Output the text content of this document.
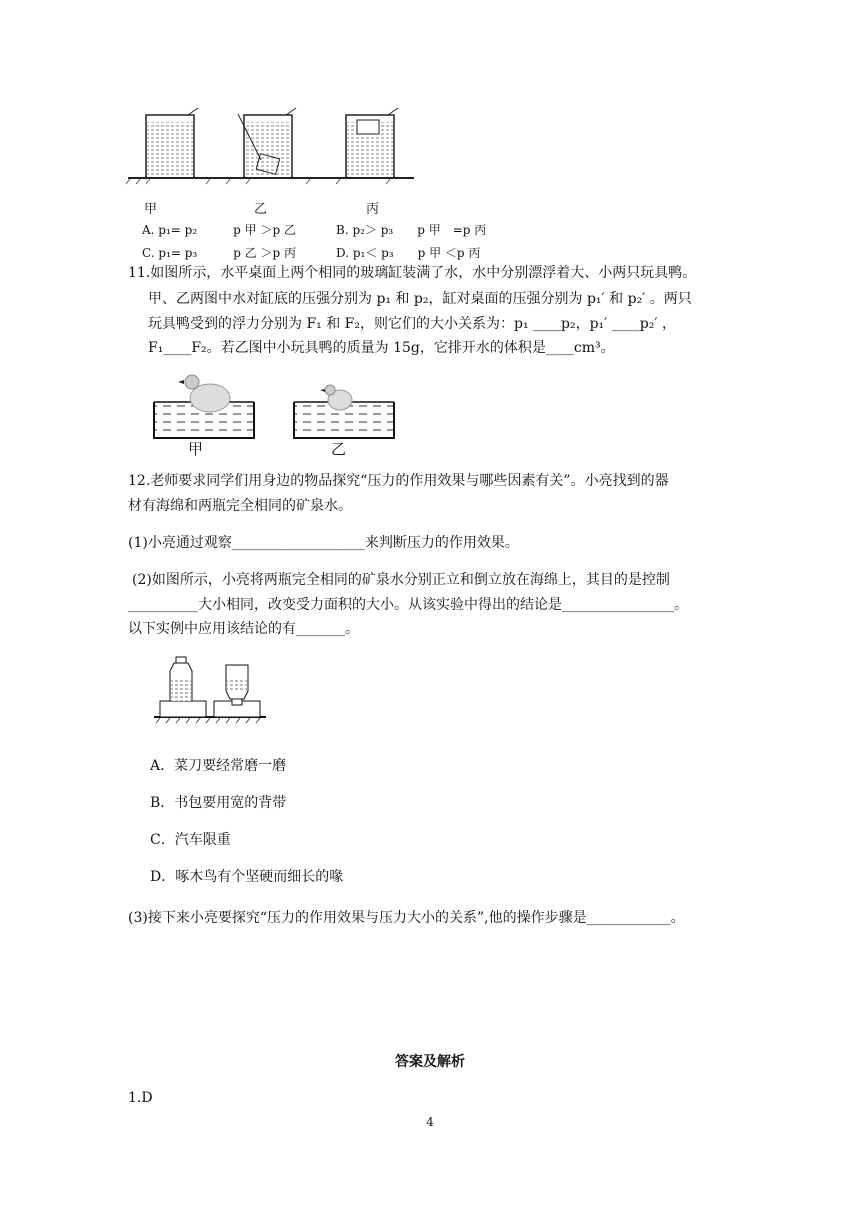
甲	乙	丙
A. p₁= p₂　　　p 甲 ＞p 乙	B. p₂＞ p₃　　p 甲　=p 丙
C. p₁= p₃　　　p 乙 ＞p 丙	D. p₁＜ p₃　　p 甲 ＜p 丙
11.如图所示，水平桌面上两个相同的玻璃缸装满了水，水中分别漂浮着大、小两只玩具鸭。
甲、乙两图中水对缸底的压强分别为 p₁ 和 p₂，缸对桌面的压强分别为 p₁′ 和 p₂′ 。两只
玩具鸭受到的浮力分别为 F₁ 和 F₂，则它们的大小关系为：p₁ ____p₂，p₁′ ____p₂′ ，
F₁____F₂。若乙图中小玩具鸭的质量为 15g，它排开水的体积是____cm³。
甲	乙
12.老师要求同学们用身边的物品探究“压力的作用效果与哪些因素有关”。小亮找到的器
材有海绵和两瓶完全相同的矿泉水。
(1)小亮通过观察___________________来判断压力的作用效果。
(2)如图所示，小亮将两瓶完全相同的矿泉水分别正立和倒立放在海绵上，其目的是控制
__________大小相同，改变受力面积的大小。从该实验中得出的结论是________________。
以下实例中应用该结论的有_______。
A．菜刀要经常磨一磨
B．书包要用宽的背带
C．汽车限重
D．啄木鸟有个坚硬而细长的喙
(3)接下来小亮要探究“压力的作用效果与压力大小的关系”,他的操作步骤是____________。
答案及解析
1.D
4
